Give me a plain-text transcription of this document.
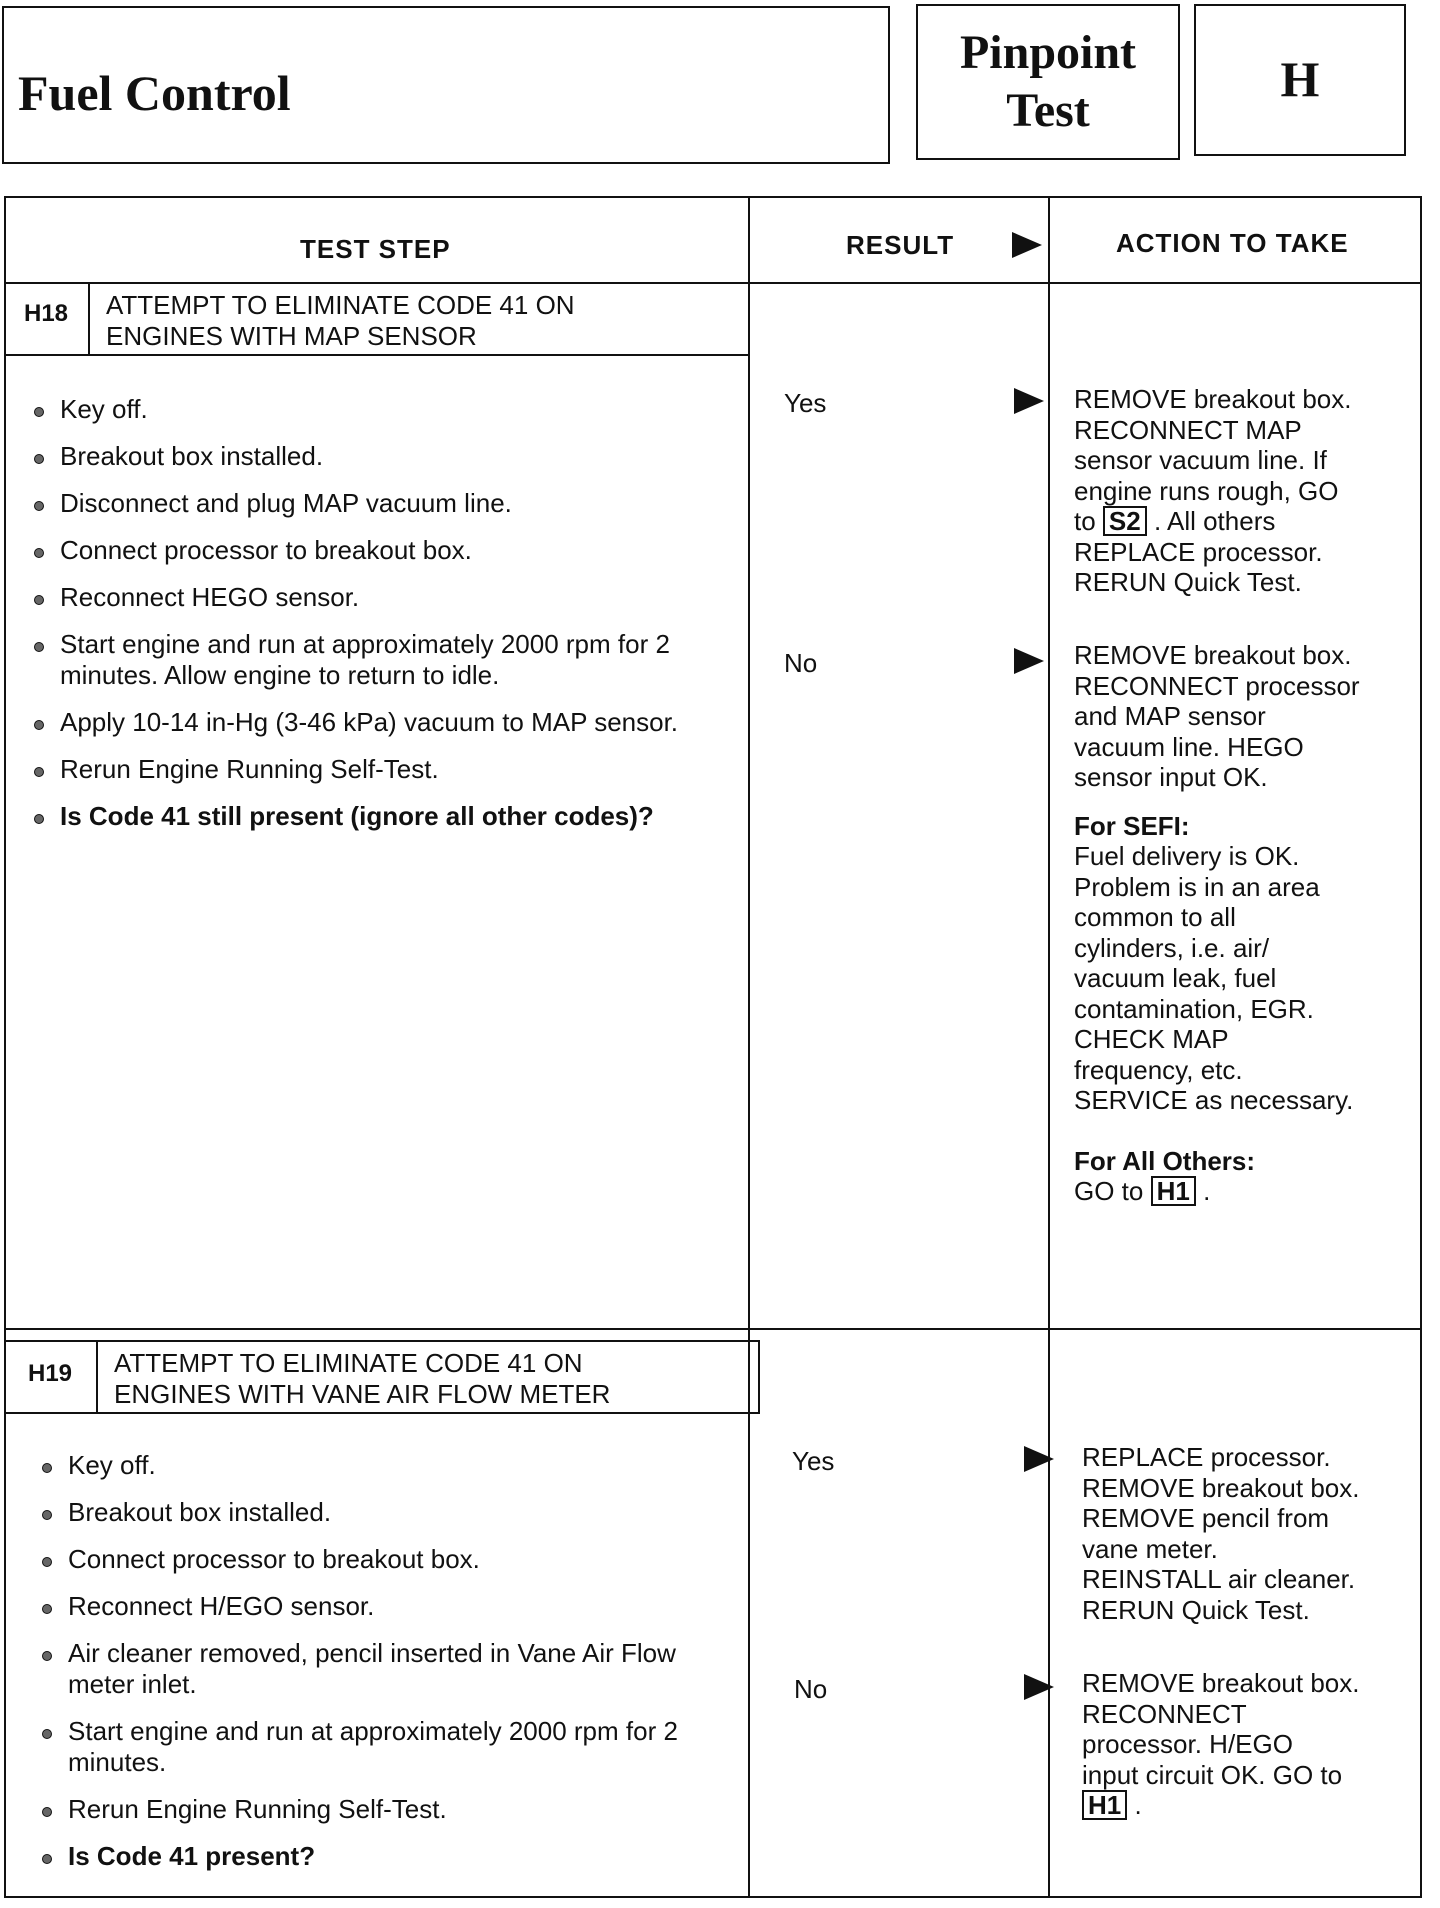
Fuel Control
Pinpoint
Test
H
TEST STEP	RESULT	ACTION TO TAKE
H18 ATTEMPT TO ELIMINATE CODE 41 ON
ENGINES WITH MAP SENSOR
Key off.
Breakout box installed.
Disconnect and plug MAP vacuum line.
Connect processor to breakout box.
Reconnect HEGO sensor.
Start engine and run at approximately 2000 rpm for 2 minutes. Allow engine to return to idle.
Apply 10-14 in-Hg (3-46 kPa) vacuum to MAP sensor.
Rerun Engine Running Self-Test.
Is Code 41 still present (ignore all other codes)?
Yes
No
REMOVE breakout box.
RECONNECT MAP
sensor vacuum line. If
engine runs rough, GO
to S2 . All others
REPLACE processor.
RERUN Quick Test.
REMOVE breakout box.
RECONNECT processor
and MAP sensor
vacuum line. HEGO
sensor input OK.
For SEFI:
Fuel delivery is OK.
Problem is in an area
common to all
cylinders, i.e. air/
vacuum leak, fuel
contamination, EGR.
CHECK MAP
frequency, etc.
SERVICE as necessary.
For All Others:
GO to H1 .
H19 ATTEMPT TO ELIMINATE CODE 41 ON
ENGINES WITH VANE AIR FLOW METER
Key off.
Breakout box installed.
Connect processor to breakout box.
Reconnect H/EGO sensor.
Air cleaner removed, pencil inserted in Vane Air Flow meter inlet.
Start engine and run at approximately 2000 rpm for 2 minutes.
Rerun Engine Running Self-Test.
Is Code 41 present?
Yes
No
REPLACE processor.
REMOVE breakout box.
REMOVE pencil from
vane meter.
REINSTALL air cleaner.
RERUN Quick Test.
REMOVE breakout box.
RECONNECT
processor. H/EGO
input circuit OK. GO to
H1 .
